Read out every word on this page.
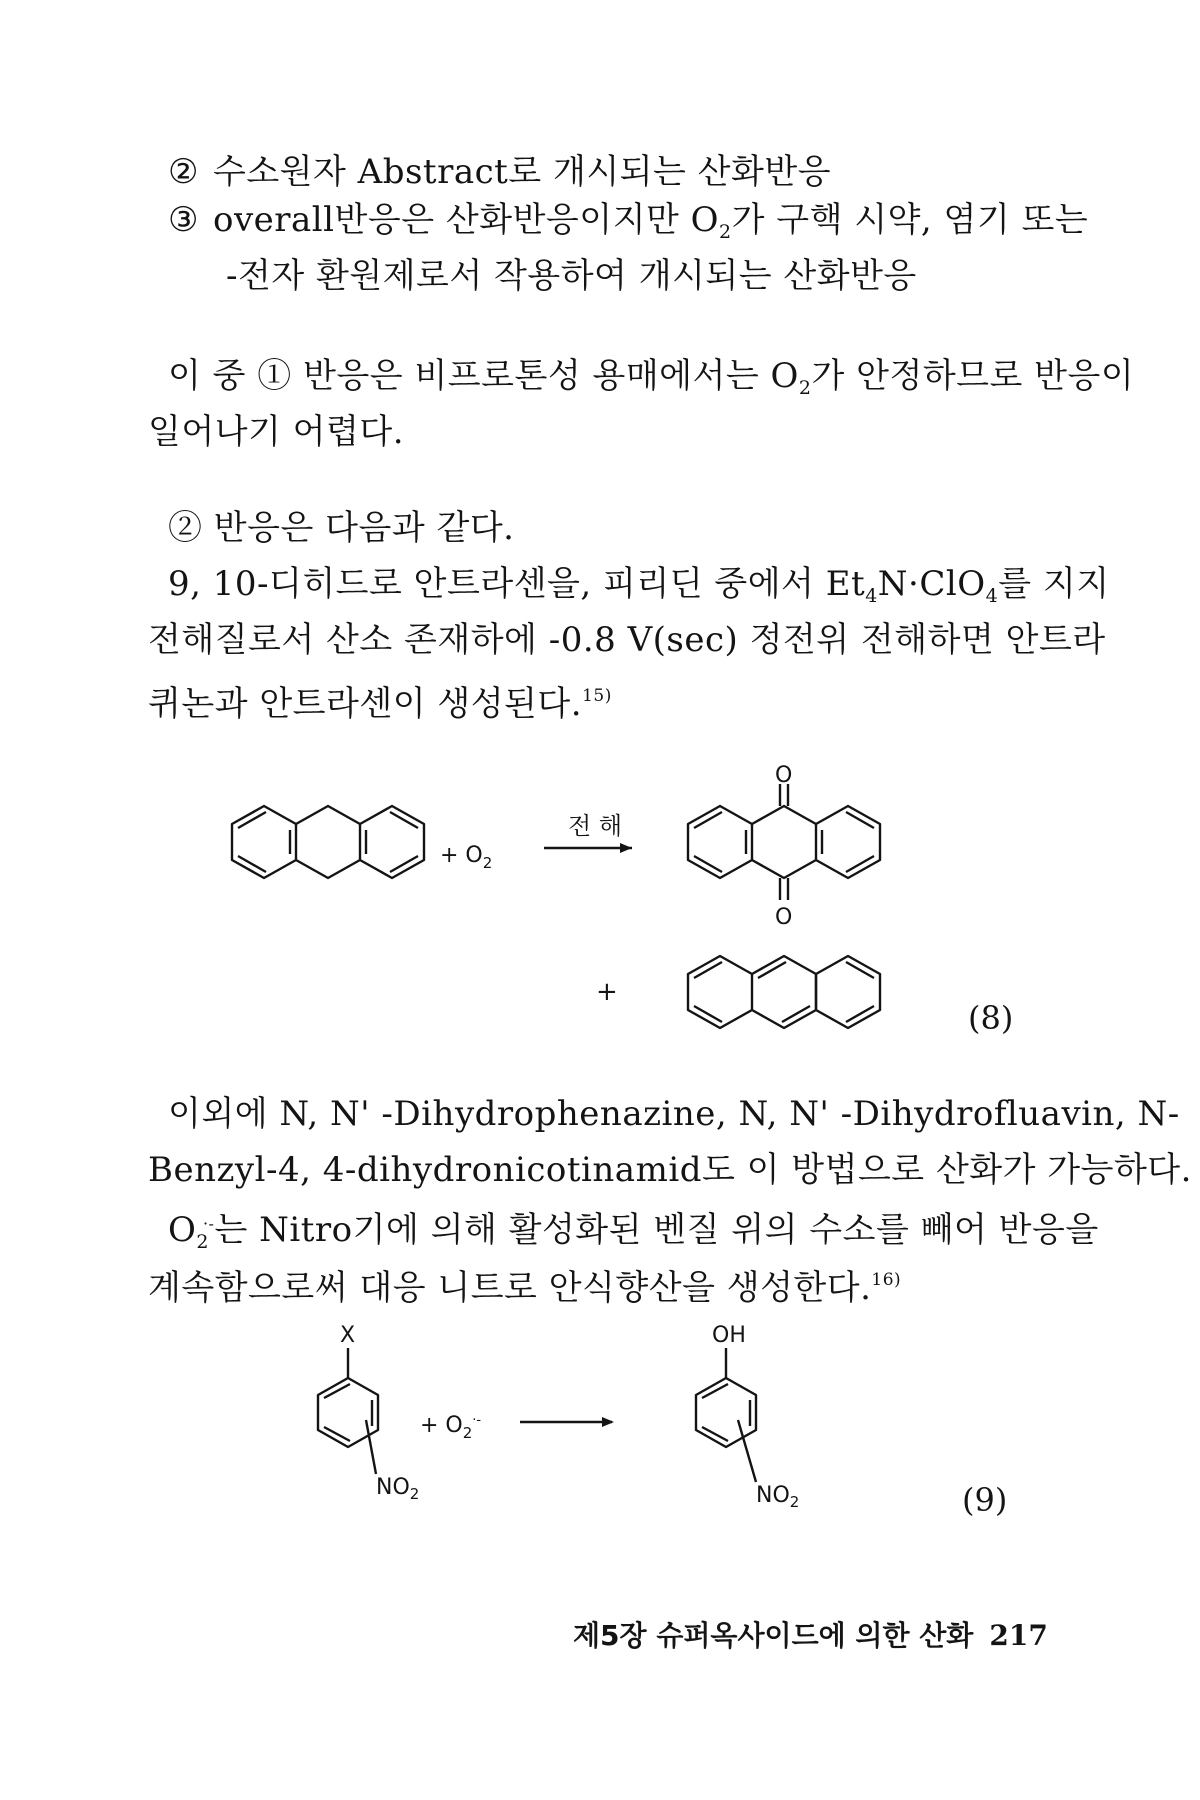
② 수소원자 Abstract로 개시되는 산화반응
③ overall반응은 산화반응이지만 $O_2$가 구핵 시약, 염기 또는
-전자 환원제로서 작용하여 개시되는 산화반응
이 중 ① 반응은 비프로톤성 용매에서는 $O_2$가 안정하므로 반응이
일어나기 어렵다.
② 반응은 다음과 같다.
9, 10-디히드로 안트라센을, 피리딘 중에서 $Et_4N\cdot ClO_4$를 지지
전해질로서 산소 존재하에 -0.8 V(sec) 정전위 전해하면 안트라
퀴논과 안트라센이 생성된다.$^{15)}$
+ $O_2$
전 해
O
O
+
(8)
이외에 N, N' -Dihydrophenazine, N, N' -Dihydrofluavin, N-
Benzyl-4, 4-dihydronicotinamid도 이 방법으로 산화가 가능하다.
$O_2^{\cdot-}$는 Nitro기에 의해 활성화된 벤질 위의 수소를 빼어 반응을
계속함으로써 대응 니트로 안식향산을 생성한다.$^{16)}$
X
$NO_2$
+ $O_2^{\cdot-}$
OH
$NO_2$	(9)
제5장 슈퍼옥사이드에 의한 산화 217
